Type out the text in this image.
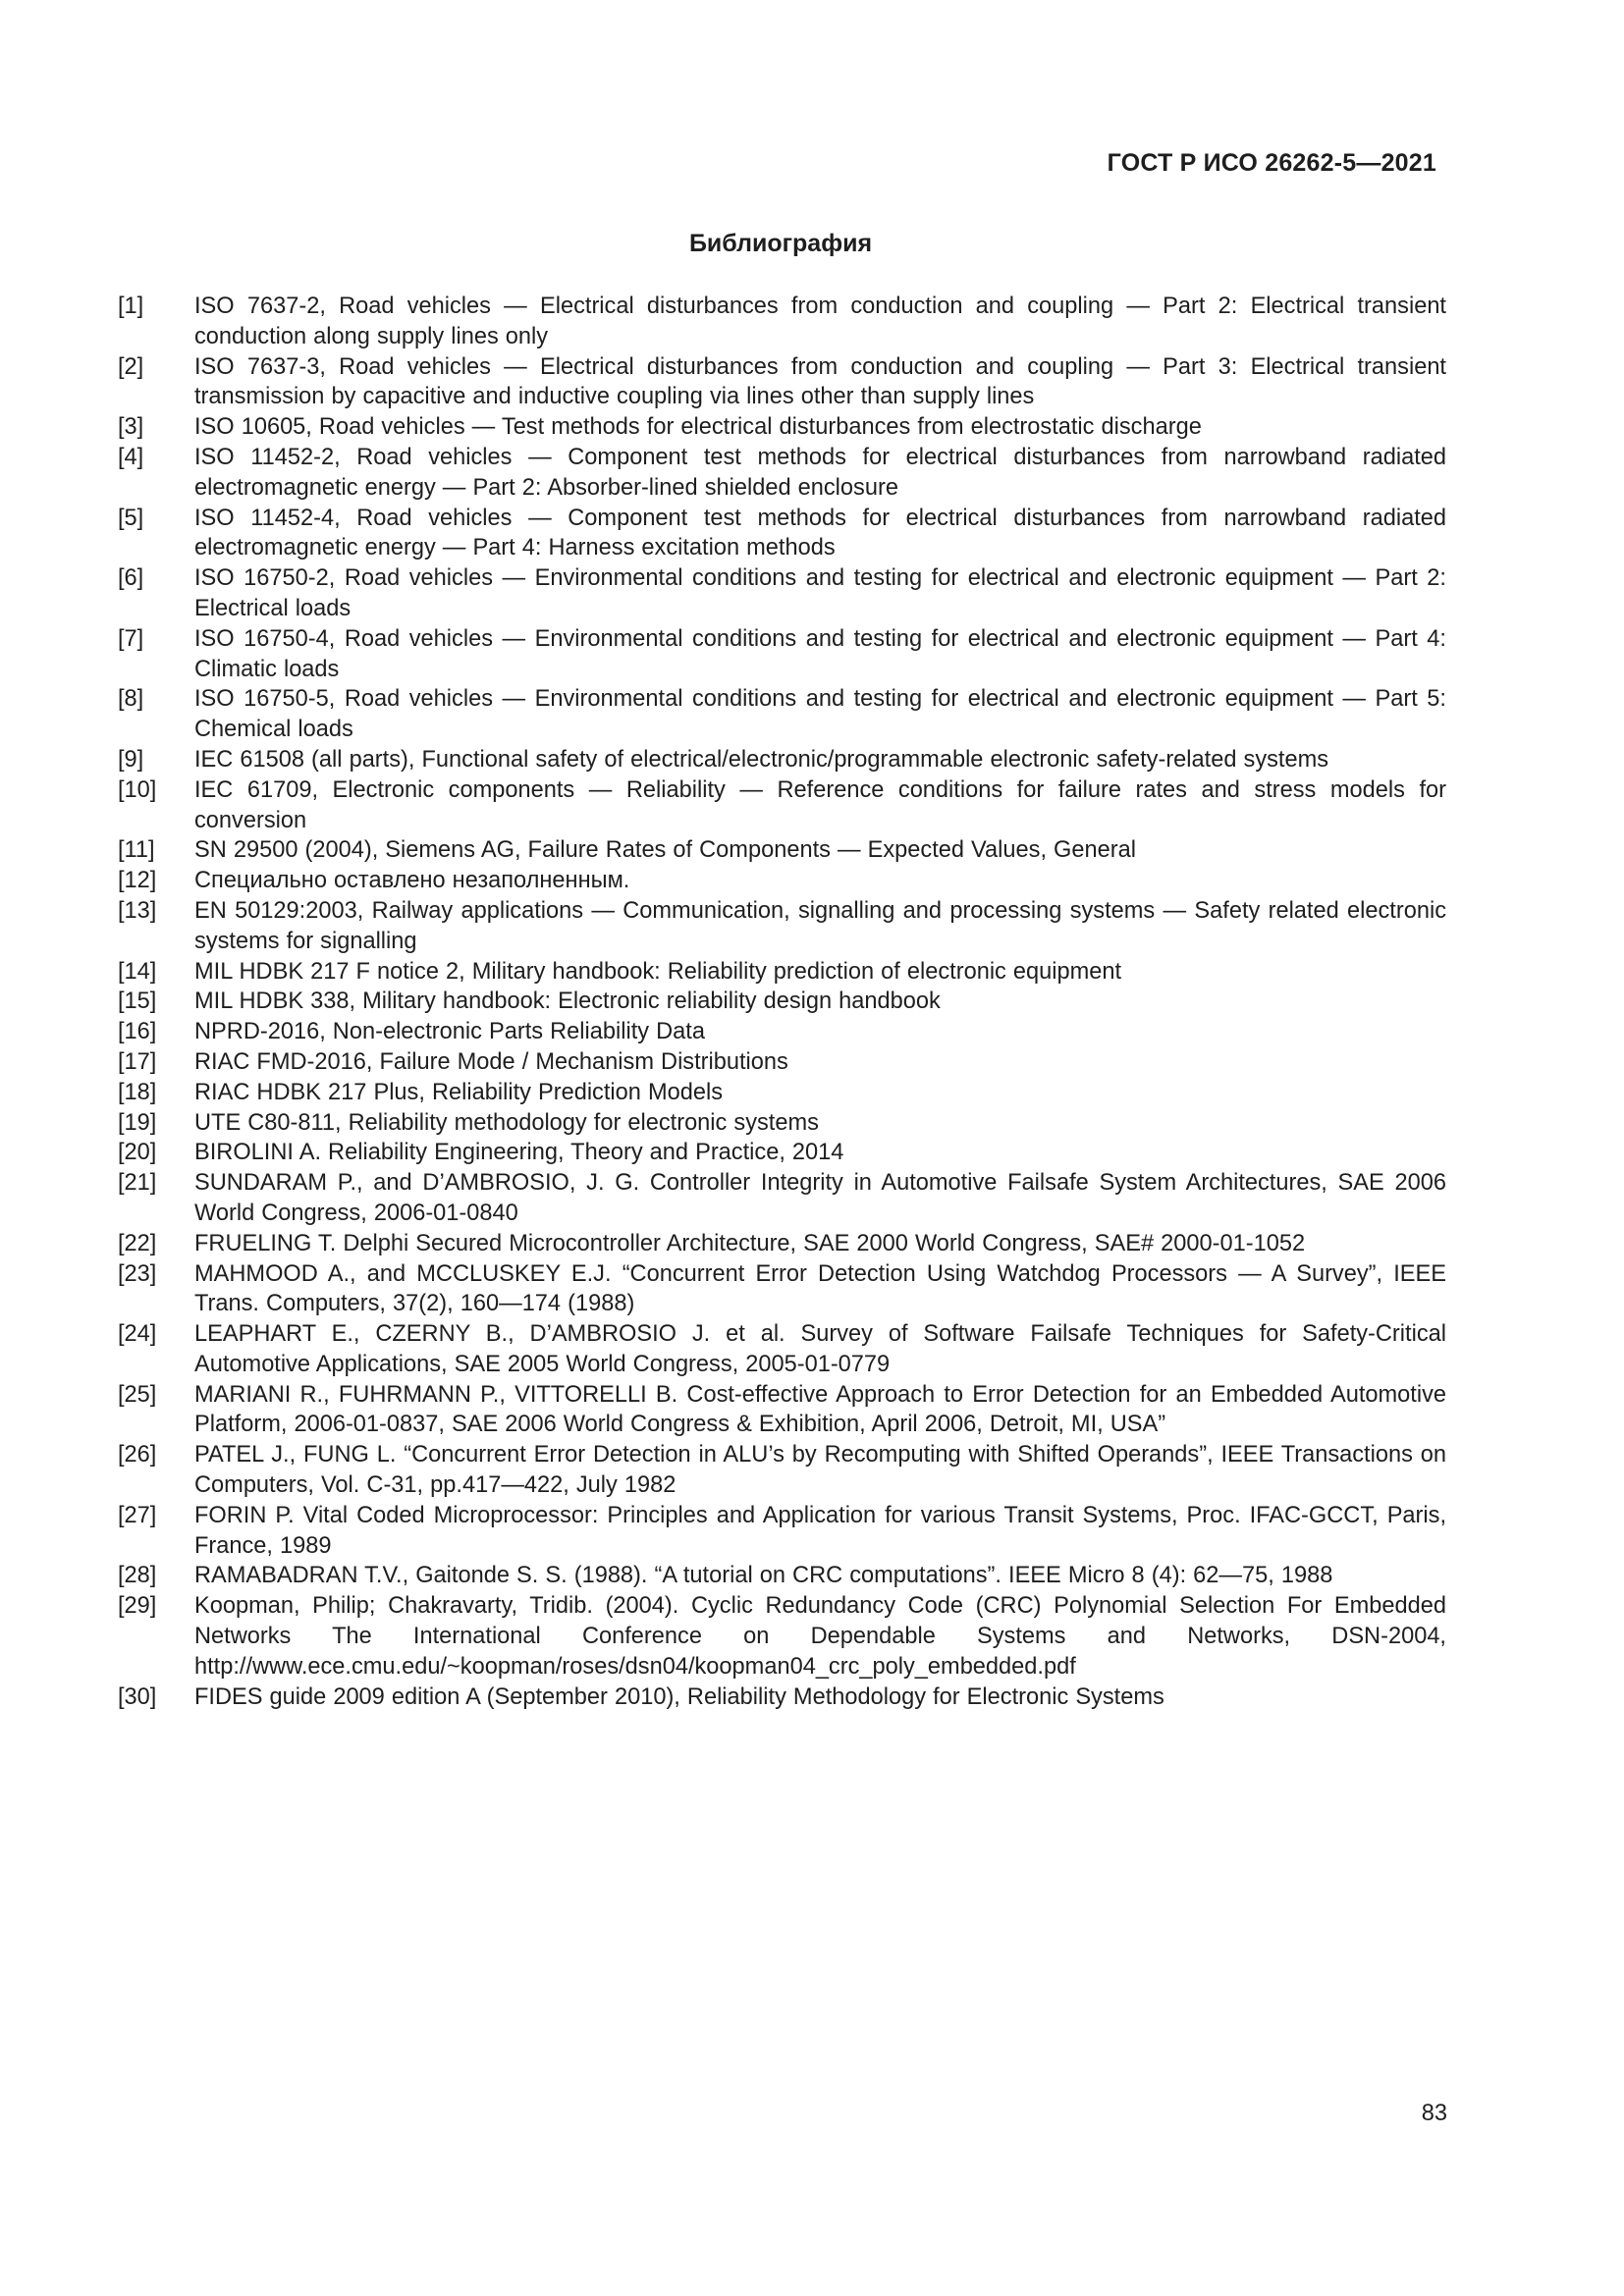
ГОСТ Р ИСО 26262-5—2021
Библиография
[1]	ISO 7637-2, Road vehicles — Electrical disturbances from conduction and coupling — Part 2: Electrical transient conduction along supply lines only
[2]	ISO 7637-3, Road vehicles — Electrical disturbances from conduction and coupling — Part 3: Electrical transient transmission by capacitive and inductive coupling via lines other than supply lines
[3]	ISO 10605, Road vehicles — Test methods for electrical disturbances from electrostatic discharge
[4]	ISO 11452-2, Road vehicles — Component test methods for electrical disturbances from narrowband radiated electromagnetic energy — Part 2: Absorber-lined shielded enclosure
[5]	ISO 11452-4, Road vehicles — Component test methods for electrical disturbances from narrowband radiated electromagnetic energy — Part 4: Harness excitation methods
[6]	ISO 16750-2, Road vehicles — Environmental conditions and testing for electrical and electronic equipment — Part 2: Electrical loads
[7]	ISO 16750-4, Road vehicles — Environmental conditions and testing for electrical and electronic equipment — Part 4: Climatic loads
[8]	ISO 16750-5, Road vehicles — Environmental conditions and testing for electrical and electronic equipment — Part 5: Chemical loads
[9]	IEC 61508 (all parts), Functional safety of electrical/electronic/programmable electronic safety-related systems
[10]	IEC 61709, Electronic components — Reliability — Reference conditions for failure rates and stress models for conversion
[11]	SN 29500 (2004), Siemens AG, Failure Rates of Components — Expected Values, General
[12]	Специально оставлено незаполненным.
[13]	EN 50129:2003, Railway applications — Communication, signalling and processing systems — Safety related electronic systems for signalling
[14]	MIL HDBK 217 F notice 2, Military handbook: Reliability prediction of electronic equipment
[15]	MIL HDBK 338, Military handbook: Electronic reliability design handbook
[16]	NPRD-2016, Non-electronic Parts Reliability Data
[17]	RIAC FMD-2016, Failure Mode / Mechanism Distributions
[18]	RIAC HDBK 217 Plus, Reliability Prediction Models
[19]	UTE C80-811, Reliability methodology for electronic systems
[20]	BIROLINI A. Reliability Engineering, Theory and Practice, 2014
[21]	SUNDARAM P., and D’AMBROSIO, J. G. Controller Integrity in Automotive Failsafe System Architectures, SAE 2006 World Congress, 2006-01-0840
[22]	FRUELING T. Delphi Secured Microcontroller Architecture, SAE 2000 World Congress, SAE# 2000-01-1052
[23]	MAHMOOD A., and MCCLUSKEY E.J. “Concurrent Error Detection Using Watchdog Processors — A Survey”, IEEE Trans. Computers, 37(2), 160—174 (1988)
[24]	LEAPHART E., CZERNY B., D’AMBROSIO J. et al. Survey of Software Failsafe Techniques for Safety-Critical Automotive Applications, SAE 2005 World Congress, 2005-01-0779
[25]	MARIANI R., FUHRMANN P., VITTORELLI B. Cost-effective Approach to Error Detection for an Embedded Automotive Platform, 2006-01-0837, SAE 2006 World Congress & Exhibition, April 2006, Detroit, MI, USA”
[26]	PATEL J., FUNG L. “Concurrent Error Detection in ALU’s by Recomputing with Shifted Operands”, IEEE Transactions on Computers, Vol. C-31, pp.417—422, July 1982
[27]	FORIN P. Vital Coded Microprocessor: Principles and Application for various Transit Systems, Proc. IFAC-GCCT, Paris, France, 1989
[28]	RAMABADRAN T.V., Gaitonde S. S. (1988). “A tutorial on CRC computations”. IEEE Micro 8 (4): 62—75, 1988
[29]	Koopman, Philip; Chakravarty, Tridib. (2004). Cyclic Redundancy Code (CRC) Polynomial Selection For Embedded Networks The International Conference on Dependable Systems and Networks, DSN-2004, http://www.ece.cmu.edu/~koopman/roses/dsn04/koopman04_crc_poly_embedded.pdf
[30]	FIDES guide 2009 edition A (September 2010), Reliability Methodology for Electronic Systems
83
